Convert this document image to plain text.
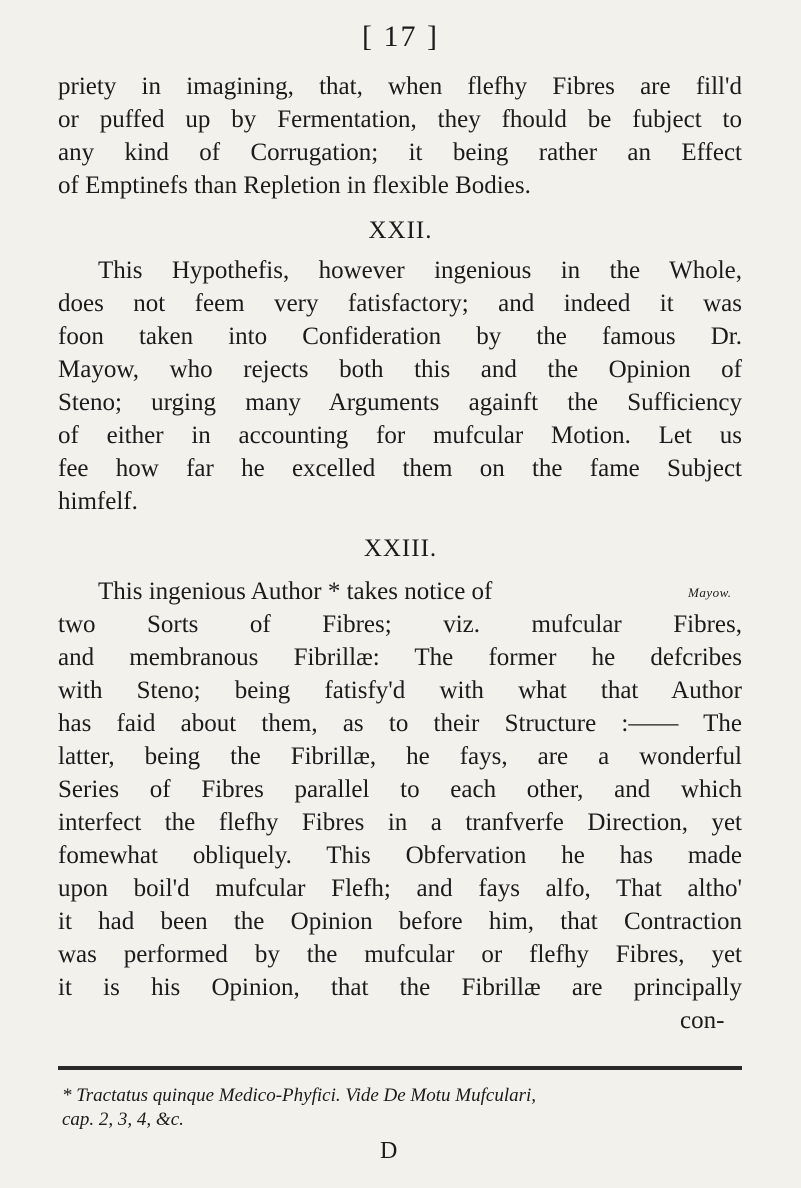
[ 17 ]
priety in imagining, that, when flefhy Fibres are fill'd
or puffed up by Fermentation, they fhould be fubject to
any kind of Corrugation; it being rather an Effect
of Emptinefs than Repletion in flexible Bodies.
XXII.
This Hypothefis, however ingenious in the Whole,
does not feem very fatisfactory; and indeed it was
foon taken into Confideration by the famous Dr.
Mayow, who rejects both this and the Opinion of
Steno; urging many Arguments againft the Sufficiency
of either in accounting for mufcular Motion. Let us
fee how far he excelled them on the fame Subject
himfelf.
XXIII.
This ingenious Author * takes notice of	Mayow.
two Sorts of Fibres; viz. mufcular Fibres,
and membranous Fibrillæ: The former he defcribes
with Steno; being fatisfy'd with what that Author
has faid about them, as to their Structure :—— The
latter, being the Fibrillæ, he fays, are a wonderful
Series of Fibres parallel to each other, and which
interfect the flefhy Fibres in a tranfverfe Direction, yet
fomewhat obliquely. This Obfervation he has made
upon boil'd mufcular Flefh; and fays alfo, That altho'
it had been the Opinion before him, that Contraction
was performed by the mufcular or flefhy Fibres, yet
it is his Opinion, that the Fibrillæ are principally
con-
* Tractatus quinque Medico-Phyfici. Vide De Motu Mufculari,
cap. 2, 3, 4, &c.
D
